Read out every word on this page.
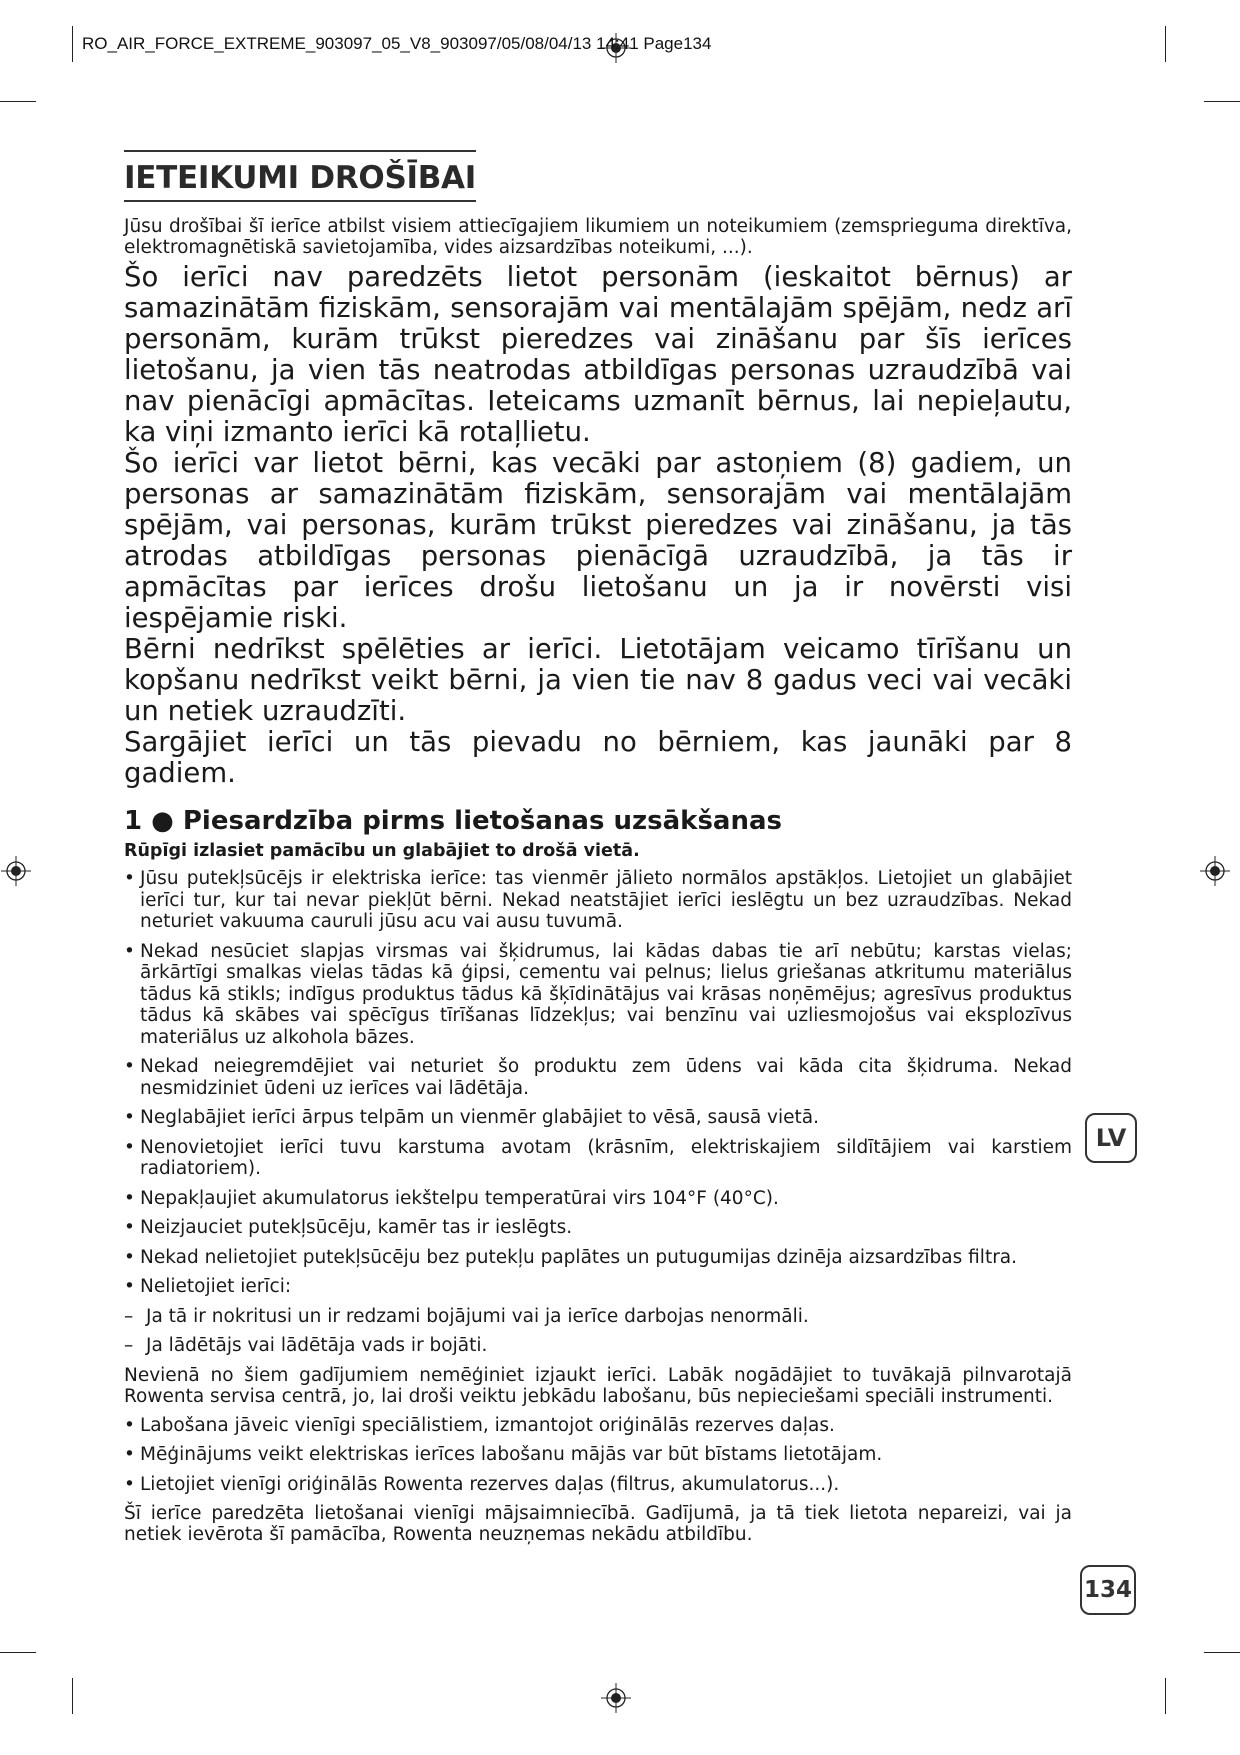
RO_AIR_FORCE_EXTREME_903097_05_V8_903097/05/08/04/13 14:41 Page134
IETEIKUMI DROŠĪBAI

Jūsu drošībai šī ierīce atbilst visiem attiecīgajiem likumiem un noteikumiem (zemsprieguma direktīva, elektromagnētiskā savietojamība, vides aizsardzības noteikumi, ...).

Šo ierīci nav paredzēts lietot personām (ieskaitot bērnus) ar samazinātām fiziskām, sensorajām vai mentālajām spējām, nedz arī personām, kurām trūkst pieredzes vai zināšanu par šīs ierīces lietošanu, ja vien tās neatrodas atbildīgas personas uzraudzībā vai nav pienācīgi apmācītas. Ieteicams uzmanīt bērnus, lai nepieļautu, ka viņi izmanto ierīci kā rotaļlietu.

Šo ierīci var lietot bērni, kas vecāki par astoņiem (8) gadiem, un personas ar samazinātām fiziskām, sensorajām vai mentālajām spējām, vai personas, kurām trūkst pieredzes vai zināšanu, ja tās atrodas atbildīgas personas pienācīgā uzraudzībā, ja tās ir apmācītas par ierīces drošu lietošanu un ja ir novērsti visi iespējamie riski.

Bērni nedrīkst spēlēties ar ierīci. Lietotājam veicamo tīrīšanu un kopšanu nedrīkst veikt bērni, ja vien tie nav 8 gadus veci vai vecāki un netiek uzraudzīti.

Sargājiet ierīci un tās pievadu no bērniem, kas jaunāki par 8 gadiem.

1 ● Piesardzība pirms lietošanas uzsākšanas

Rūpīgi izlasiet pamācību un glabājiet to drošā vietā.

• Jūsu putekļsūcējs ir elektriska ierīce: tas vienmēr jālieto normālos apstākļos. Lietojiet un glabājiet ierīci tur, kur tai nevar piekļūt bērni. Nekad neatstājiet ierīci ieslēgtu un bez uzraudzības. Nekad neturiet vakuuma cauruli jūsu acu vai ausu tuvumā.
• Nekad nesūciet slapjas virsmas vai šķidrumus, lai kādas dabas tie arī nebūtu; karstas vielas; ārkārtīgi smalkas vielas tādas kā ģipsi, cementu vai pelnus; lielus griešanas atkritumu materiālus tādus kā stikls; indīgus produktus tādus kā šķīdinātājus vai krāsas noņēmējus; agresīvus produktus tādus kā skābes vai spēcīgus tīrīšanas līdzekļus; vai benzīnu vai uzliesmojošus vai eksplozīvus materiālus uz alkohola bāzes.
• Nekad neiegremdējiet vai neturiet šo produktu zem ūdens vai kāda cita šķidruma. Nekad nesmidziniet ūdeni uz ierīces vai lādētāja.
• Neglabājiet ierīci ārpus telpām un vienmēr glabājiet to vēsā, sausā vietā.
• Nenovietojiet ierīci tuvu karstuma avotam (krāsnīm, elektriskajiem sildītājiem vai karstiem radiatoriem).
• Nepakļaujiet akumulatorus iekštelpu temperatūrai virs 104°F (40°C).
• Neizjauciet putekļsūcēju, kamēr tas ir ieslēgts.
• Nekad nelietojiet putekļsūcēju bez putekļu paplātes un putugumijas dzinēja aizsardzības filtra.
• Nelietojiet ierīci:
– Ja tā ir nokritusi un ir redzami bojājumi vai ja ierīce darbojas nenormāli.
– Ja lādētājs vai lādētāja vads ir bojāti.

Nevienā no šiem gadījumiem nemēģiniet izjaukt ierīci. Labāk nogādājiet to tuvākajā pilnvarotajā Rowenta servisa centrā, jo, lai droši veiktu jebkādu labošanu, būs nepieciešami speciāli instrumenti.

• Labošana jāveic vienīgi speciālistiem, izmantojot oriģinālās rezerves daļas.
• Mēģinājums veikt elektriskas ierīces labošanu mājās var būt bīstams lietotājam.
• Lietojiet vienīgi oriģinālās Rowenta rezerves daļas (filtrus, akumulatorus...).

Šī ierīce paredzēta lietošanai vienīgi mājsaimniecībā. Gadījumā, ja tā tiek lietota nepareizi, vai ja netiek ievērota šī pamācība, Rowenta neuzņemas nekādu atbildību.

LV
134
